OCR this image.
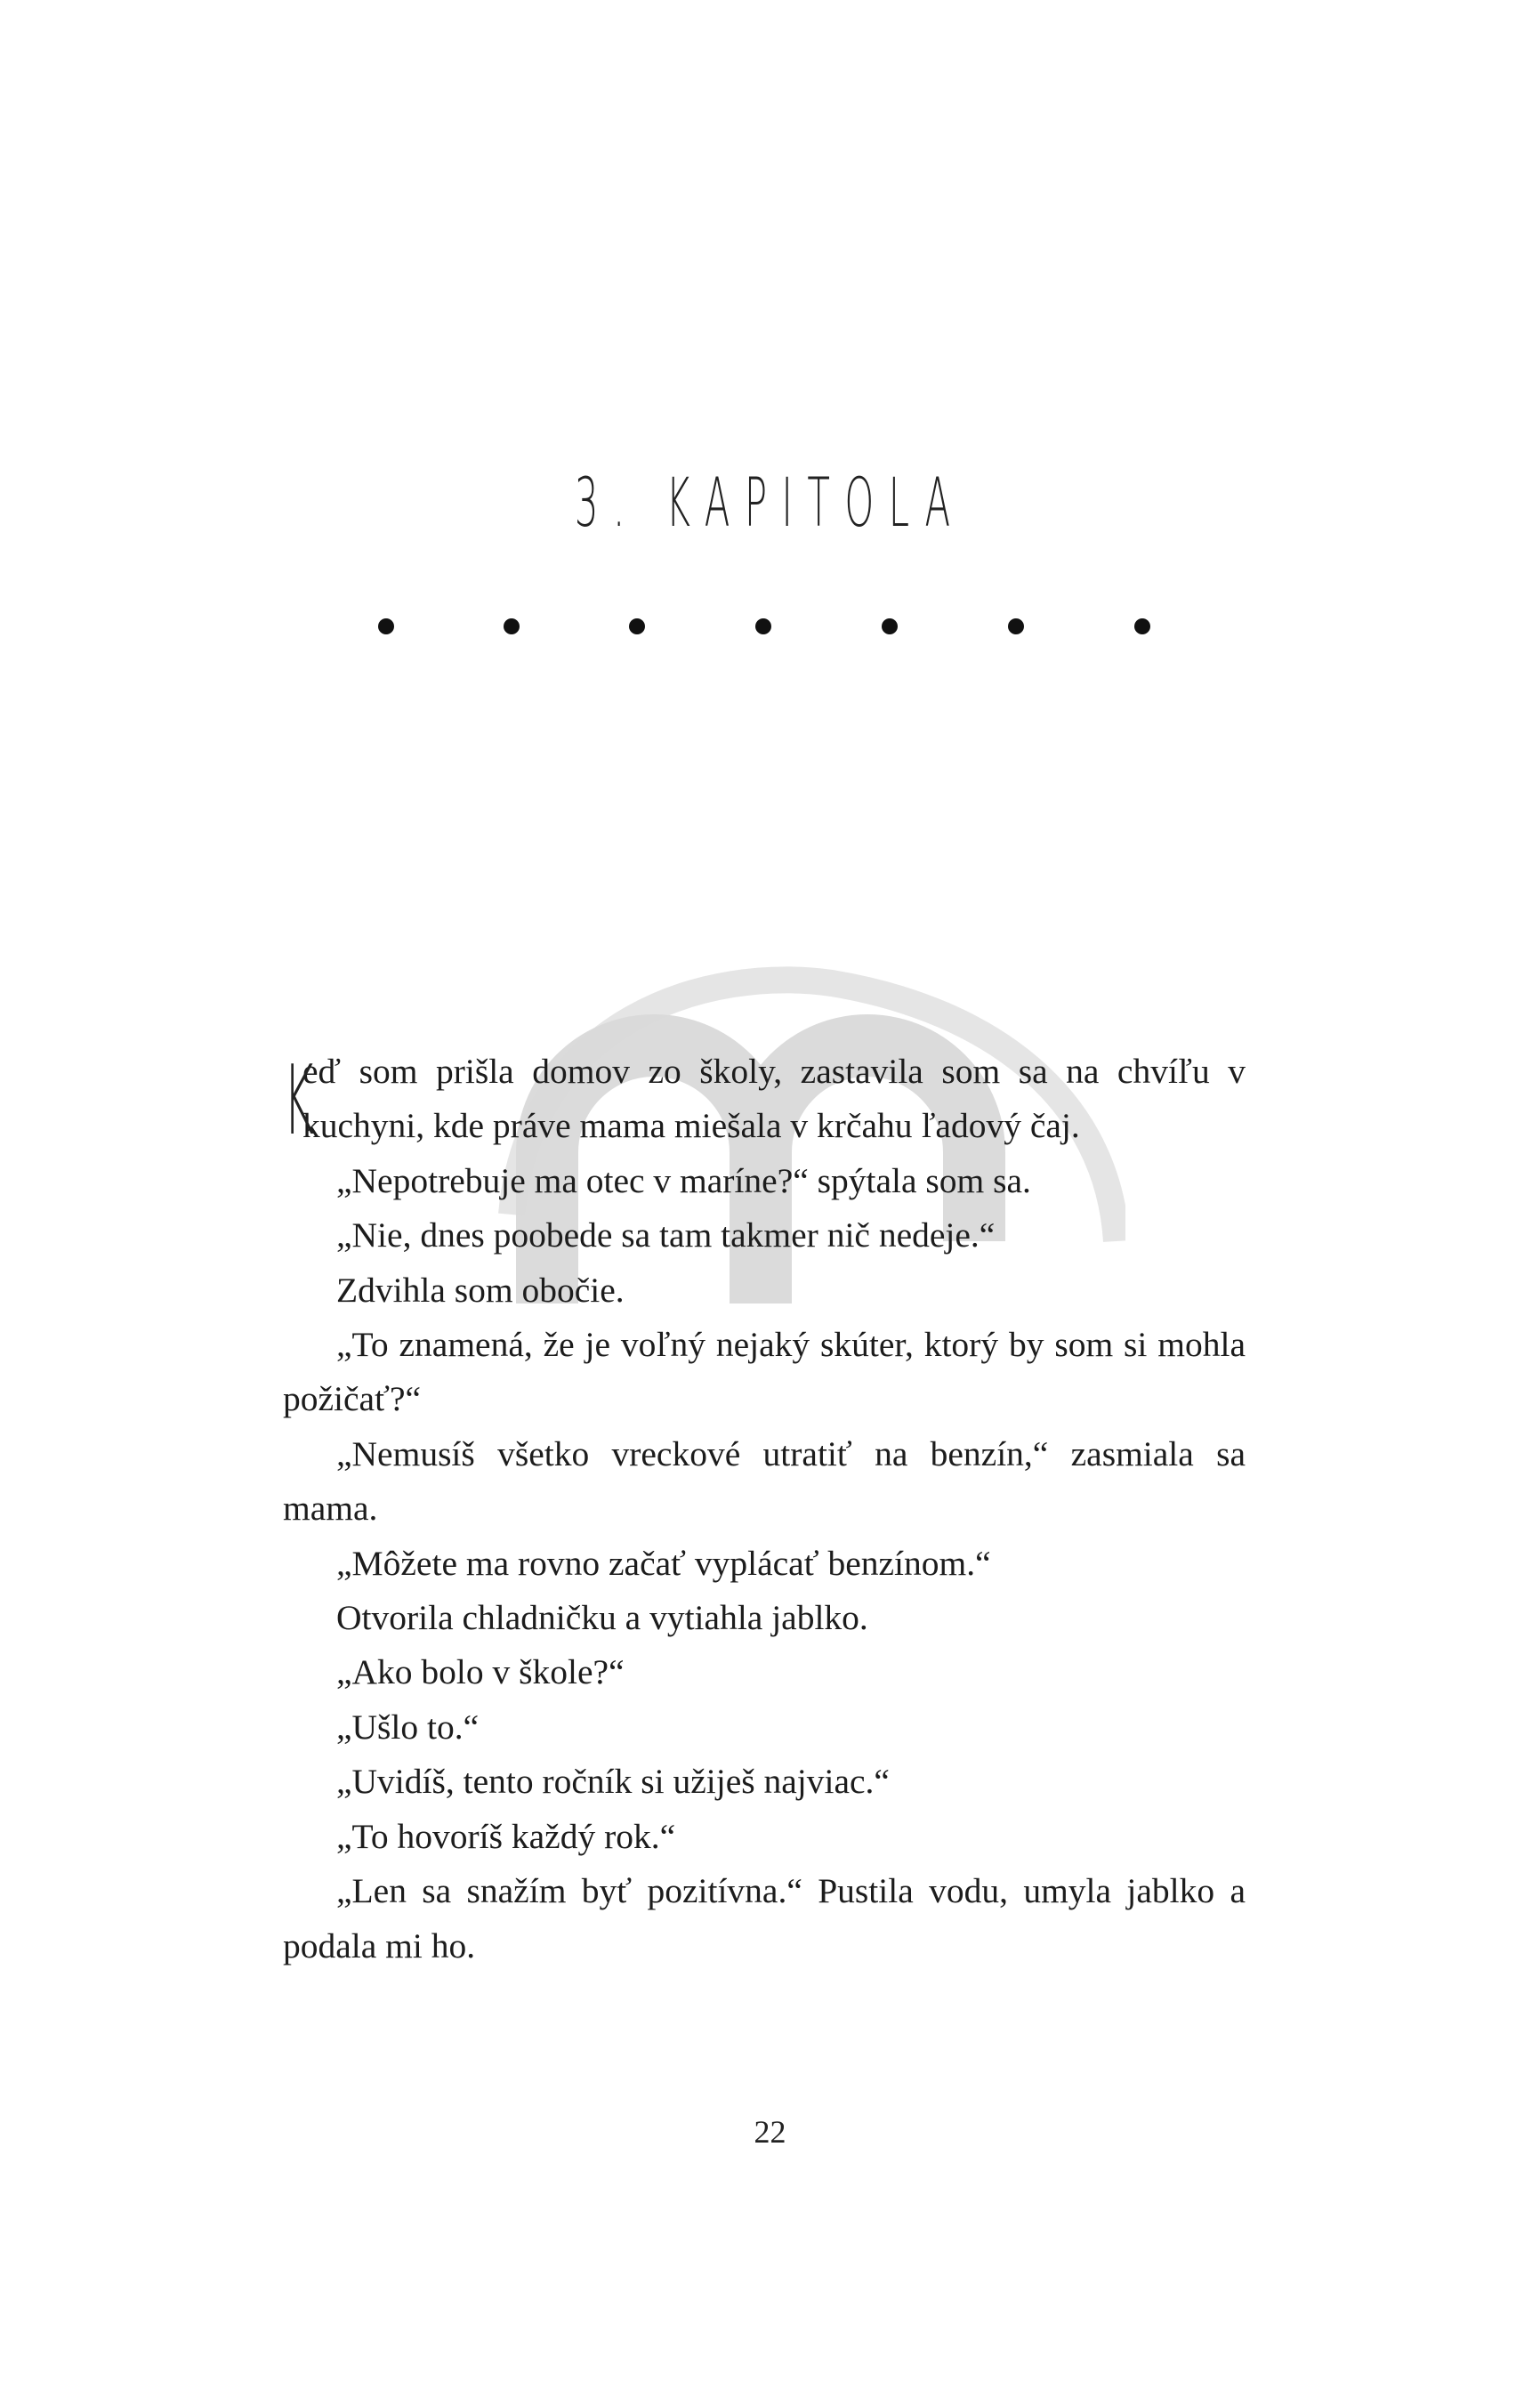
3. KAPITOLA

K
eď som prišla domov zo školy, zastavila som sa na chvíľu v kuchyni, kde práve mama miešala v krčahu ľadový čaj.

„Nepotrebuje ma otec v maríne?“ spýtala som sa.

„Nie, dnes poobede sa tam takmer nič nedeje.“

Zdvihla som obočie.

„To znamená, že je voľný nejaký skúter, ktorý by som si mohla požičať?“

„Nemusíš všetko vreckové utratiť na benzín,“ zasmiala sa mama.

„Môžete ma rovno začať vyplácať benzínom.“

Otvorila chladničku a vytiahla jablko.

„Ako bolo v škole?“

„Ušlo to.“

„Uvidíš, tento ročník si užiješ najviac.“

„To hovoríš každý rok.“

„Len sa snažím byť pozitívna.“ Pustila vodu, umyla jablko a podala mi ho.

22
